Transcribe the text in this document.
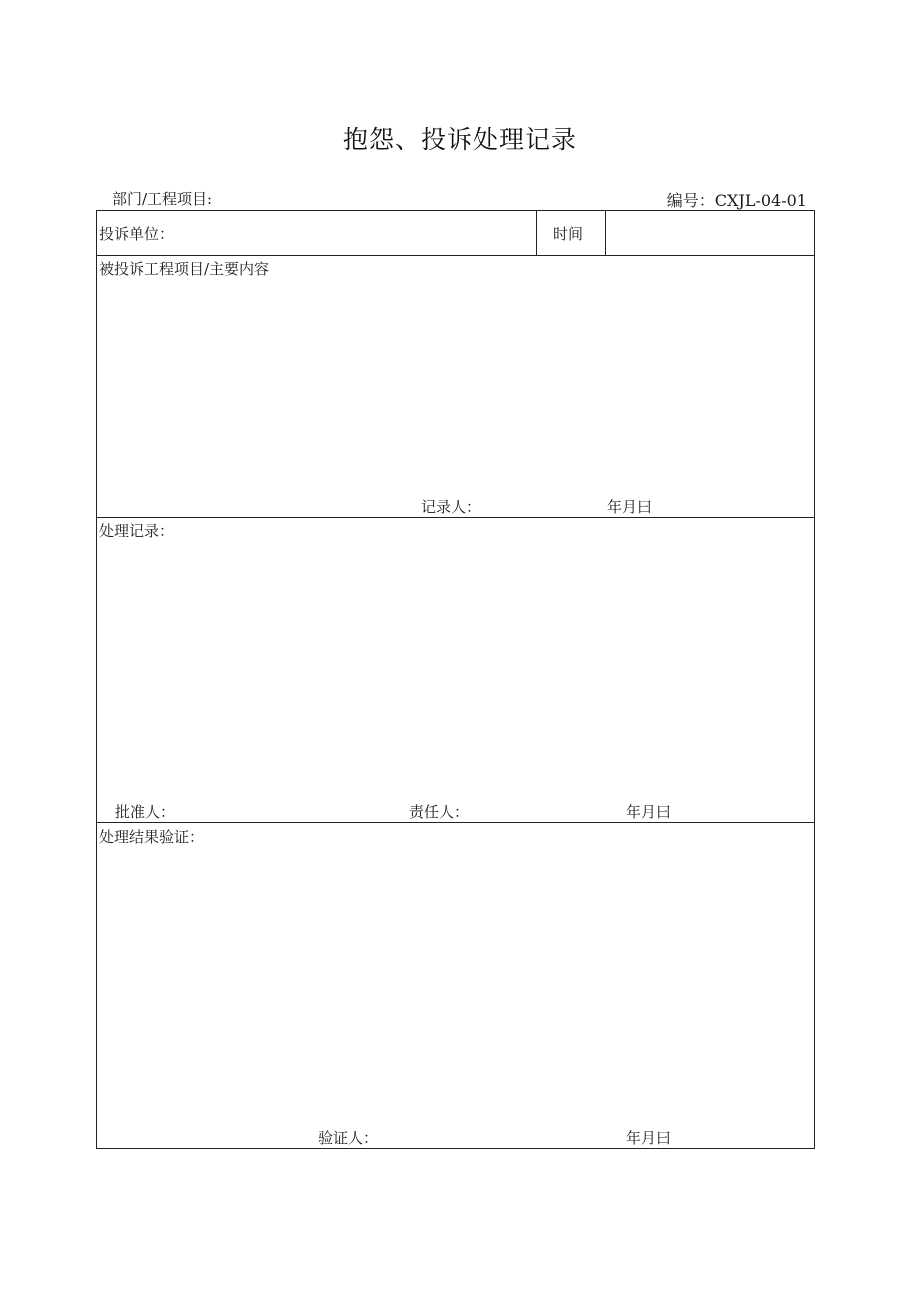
抱怨、投诉处理记录
部门/工程项目:	编号：CXJL-04-01
投诉单位：	时间
被投诉工程项目/主要内容
记录人：	年月曰
处理记录：
批准人：	责任人：	年月曰
处理结果验证：
验证人：	年月曰
